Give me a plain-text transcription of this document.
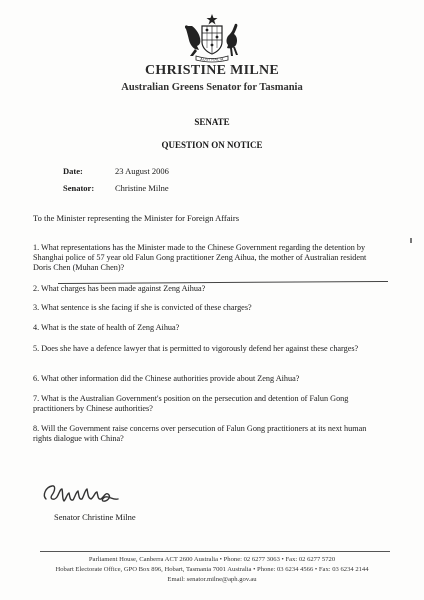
AUSTRALIA
CHRISTINE MILNE
Australian Greens Senator for Tasmania
SENATE
QUESTION ON NOTICE
Date:	23 August 2006
Senator: Christine Milne
To the Minister representing the Minister for Foreign Affairs
1. What representations has the Minister made to the Chinese Government regarding the detention by Shanghai police of 57 year old Falun Gong practitioner Zeng Aihua, the mother of Australian resident Doris Chen (Muhan Chen)?
2. What charges has been made against Zeng Aihua?
3. What sentence is she facing if she is convicted of these charges?
4. What is the state of health of Zeng Aihua?
5. Does she have a defence lawyer that is permitted to vigorously defend her against these charges?
6. What other information did the Chinese authorities provide about Zeng Aihua?
7. What is the Australian Government's position on the persecution and detention of Falun Gong practitioners by Chinese authorities?
8. Will the Government raise concerns over persecution of Falun Gong practitioners at its next human rights dialogue with China?
Senator Christine Milne
Parliament House, Canberra ACT 2600 Australia • Phone: 02 6277 3063 • Fax: 02 6277 5720
Hobart Electorate Office, GPO Box 896, Hobart, Tasmania 7001 Australia • Phone: 03 6234 4566 • Fax: 03 6234 2144
Email: senator.milne@aph.gov.au
